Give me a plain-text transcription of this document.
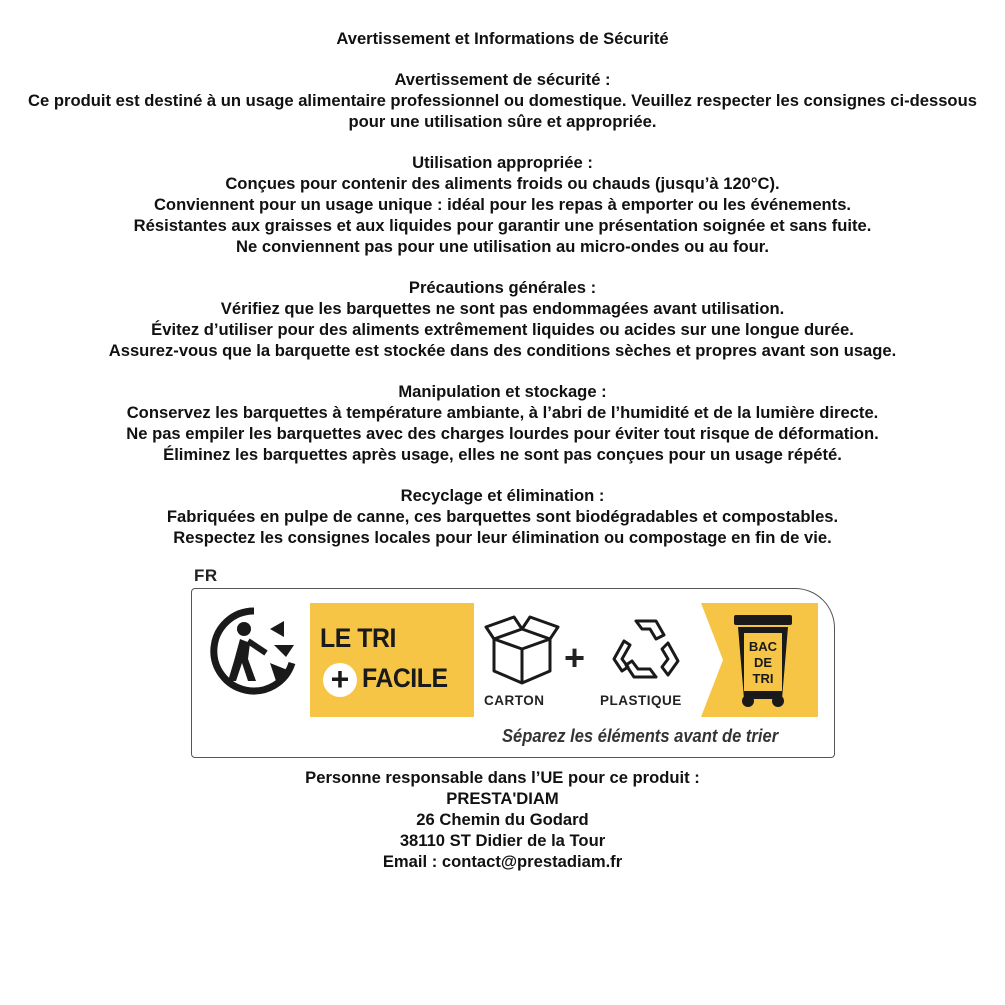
Avertissement et Informations de Sécurité
Avertissement de sécurité :
Ce produit est destiné à un usage alimentaire professionnel ou domestique. Veuillez respecter les consignes ci-dessous pour une utilisation sûre et appropriée.
Utilisation appropriée :
Conçues pour contenir des aliments froids ou chauds (jusqu’à 120°C).
Conviennent pour un usage unique : idéal pour les repas à emporter ou les événements.
Résistantes aux graisses et aux liquides pour garantir une présentation soignée et sans fuite.
Ne conviennent pas pour une utilisation au micro-ondes ou au four.
Précautions générales :
Vérifiez que les barquettes ne sont pas endommagées avant utilisation.
Évitez d’utiliser pour des aliments extrêmement liquides ou acides sur une longue durée.
Assurez-vous que la barquette est stockée dans des conditions sèches et propres avant son usage.
Manipulation et stockage :
Conservez les barquettes à température ambiante, à l’abri de l’humidité et de la lumière directe.
Ne pas empiler les barquettes avec des charges lourdes pour éviter tout risque de déformation.
Éliminez les barquettes après usage, elles ne sont pas conçues pour un usage répété.
Recyclage et élimination :
Fabriquées en pulpe de canne, ces barquettes sont biodégradables et compostables.
Respectez les consignes locales pour leur élimination ou compostage en fin de vie.
FR
LE TRI
+ FACILE
CARTON
+
PLASTIQUE
BAC
DE
TRI
Séparez les éléments avant de trier
Personne responsable dans l’UE pour ce produit :
PRESTA'DIAM
26 Chemin du Godard
38110 ST Didier de la Tour
Email : contact@prestadiam.fr
